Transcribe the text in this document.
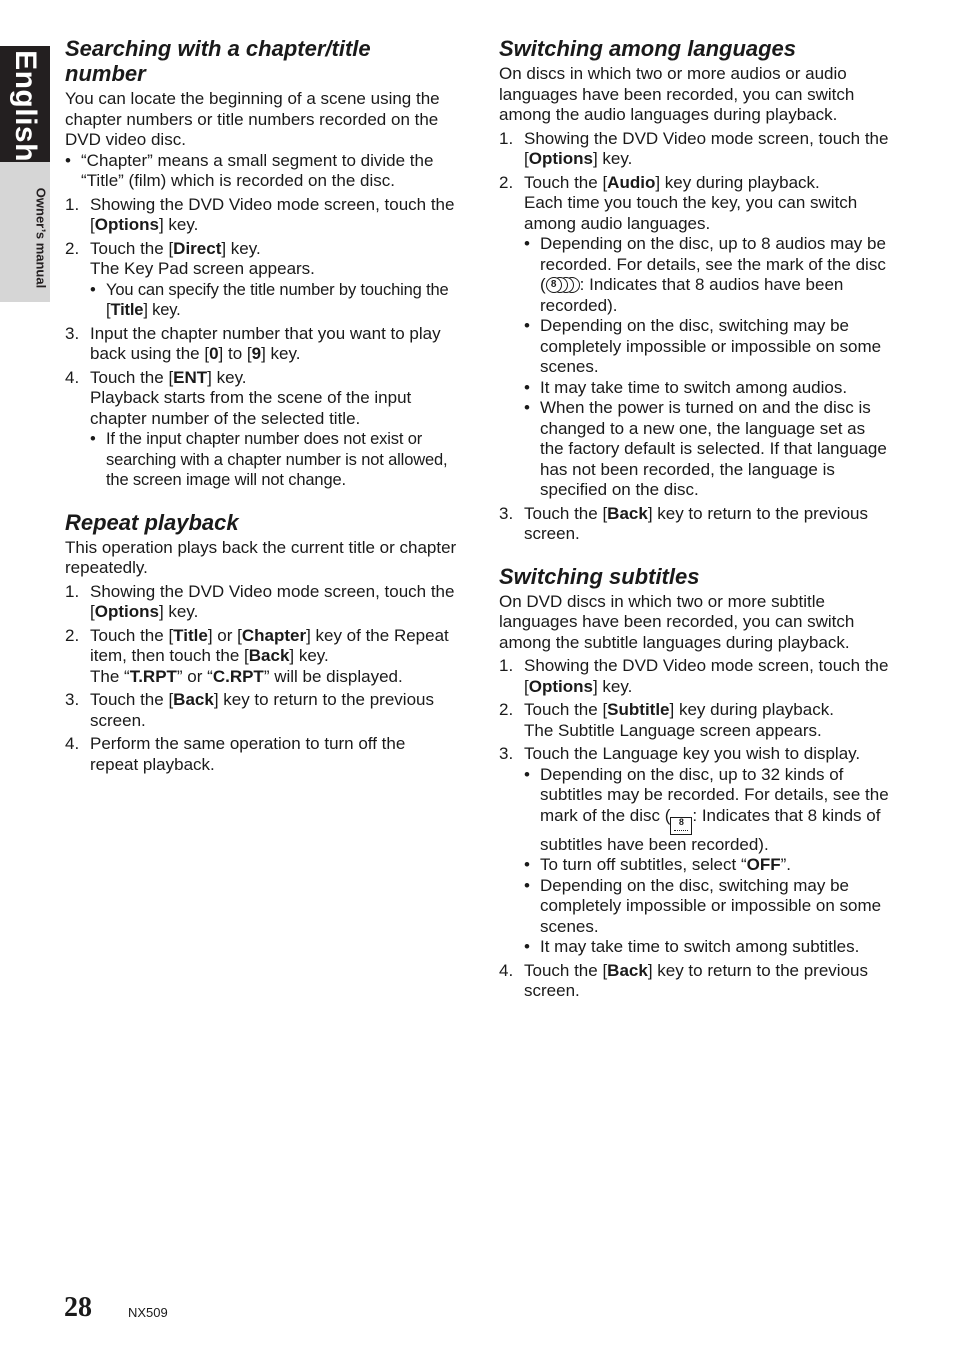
English
Owner’s manual
Searching with a chapter/title number

You can locate the beginning of a scene using the chapter numbers or title numbers recorded on the DVD video disc.

• “Chapter” means a small segment to divide the “Title” (film) which is recorded on the disc.
1. Showing the DVD Video mode screen, touch the [Options] key.
2. Touch the [Direct] key.
The Key Pad screen appears.
• You can specify the title number by touching the [Title] key.
3. Input the chapter number that you want to play back using the [0] to [9] key.
4. Touch the [ENT] key.
Playback starts from the scene of the input chapter number of the selected title.
• If the input chapter number does not exist or searching with a chapter number is not allowed, the screen image will not change.
Repeat playback

This operation plays back the current title or chapter repeatedly.

1. Showing the DVD Video mode screen, touch the [Options] key.
2. Touch the [Title] or [Chapter] key of the Repeat item, then touch the [Back] key.
The “T.RPT” or “C.RPT” will be displayed.
3. Touch the [Back] key to return to the previous screen.
4. Perform the same operation to turn off the repeat playback.
Switching among languages

On discs in which two or more audios or audio languages have been recorded, you can switch among the audio languages during playback.

1. Showing the DVD Video mode screen, touch the [Options] key.
2. Touch the [Audio] key during playback.
Each time you touch the key, you can switch among audio languages.
• Depending on the disc, up to 8 audios may be recorded. For details, see the mark of the disc ( 8	: Indicates that 8 audios have been recorded).
• Depending on the disc, switching may be completely impossible or impossible on some scenes.
• It may take time to switch among audios.
• When the power is turned on and the disc is changed to a new one, the language set as the factory default is selected. If that language has not been recorded, the language is specified on the disc.
3. Touch the [Back] key to return to the previous screen.
Switching subtitles

On DVD discs in which two or more subtitle languages have been recorded, you can switch among the subtitle languages during playback.

1. Showing the DVD Video mode screen, touch the [Options] key.
2. Touch the [Subtitle] key during playback.
The Subtitle Language screen appears.
3. Touch the Language key you wish to display.
• Depending on the disc, up to 32 kinds of subtitles may be recorded. For details, see the mark of the disc ( 8 : Indicates that 8 kinds of subtitles have been recorded).
• To turn off subtitles, select “OFF”.
• Depending on the disc, switching may be completely impossible or impossible on some scenes.
• It may take time to switch among subtitles.
4. Touch the [Back] key to return to the previous screen.
28	NX509
